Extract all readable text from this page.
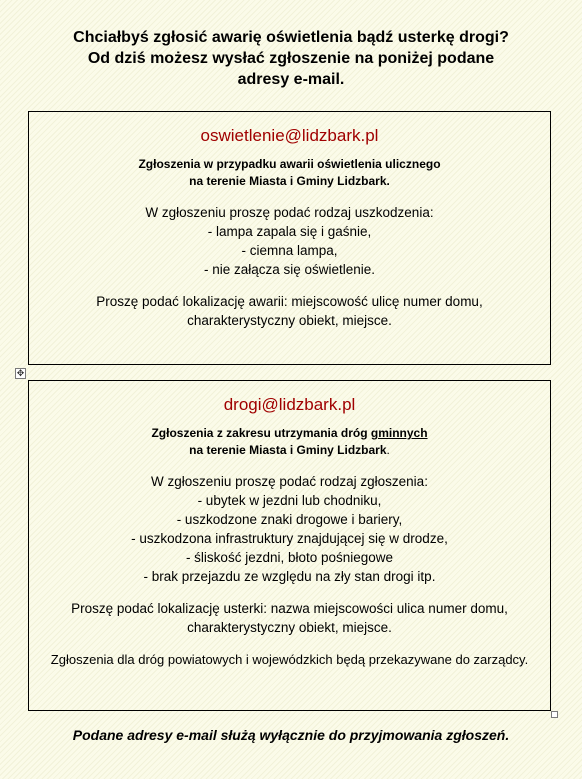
Chciałbyś zgłosić awarię oświetlenia bądź usterkę drogi?
Od dziś możesz wysłać zgłoszenie na poniżej podane
adresy e-mail.
✥
oswietlenie@lidzbark.pl
Zgłoszenia w przypadku awarii oświetlenia ulicznego
na terenie Miasta i Gminy Lidzbark.
W zgłoszeniu proszę podać rodzaj uszkodzenia:
- lampa zapala się i gaśnie,
- ciemna lampa,
- nie załącza się oświetlenie.
Proszę podać lokalizację awarii: miejscowość ulicę numer domu,
charakterystyczny obiekt, miejsce.
drogi@lidzbark.pl
Zgłoszenia z zakresu utrzymania dróg gminnych
na terenie Miasta i Gminy Lidzbark.
W zgłoszeniu proszę podać rodzaj zgłoszenia:
- ubytek w jezdni lub chodniku,
- uszkodzone znaki drogowe i bariery,
- uszkodzona infrastruktury znajdującej się w drodze,
- śliskość jezdni, błoto pośniegowe
- brak przejazdu ze względu na zły stan drogi itp.
Proszę podać lokalizację usterki: nazwa miejscowości ulica numer domu,
charakterystyczny obiekt, miejsce.
Zgłoszenia dla dróg powiatowych i wojewódzkich będą przekazywane do zarządcy.
Podane adresy e-mail służą wyłącznie do przyjmowania zgłoszeń.
